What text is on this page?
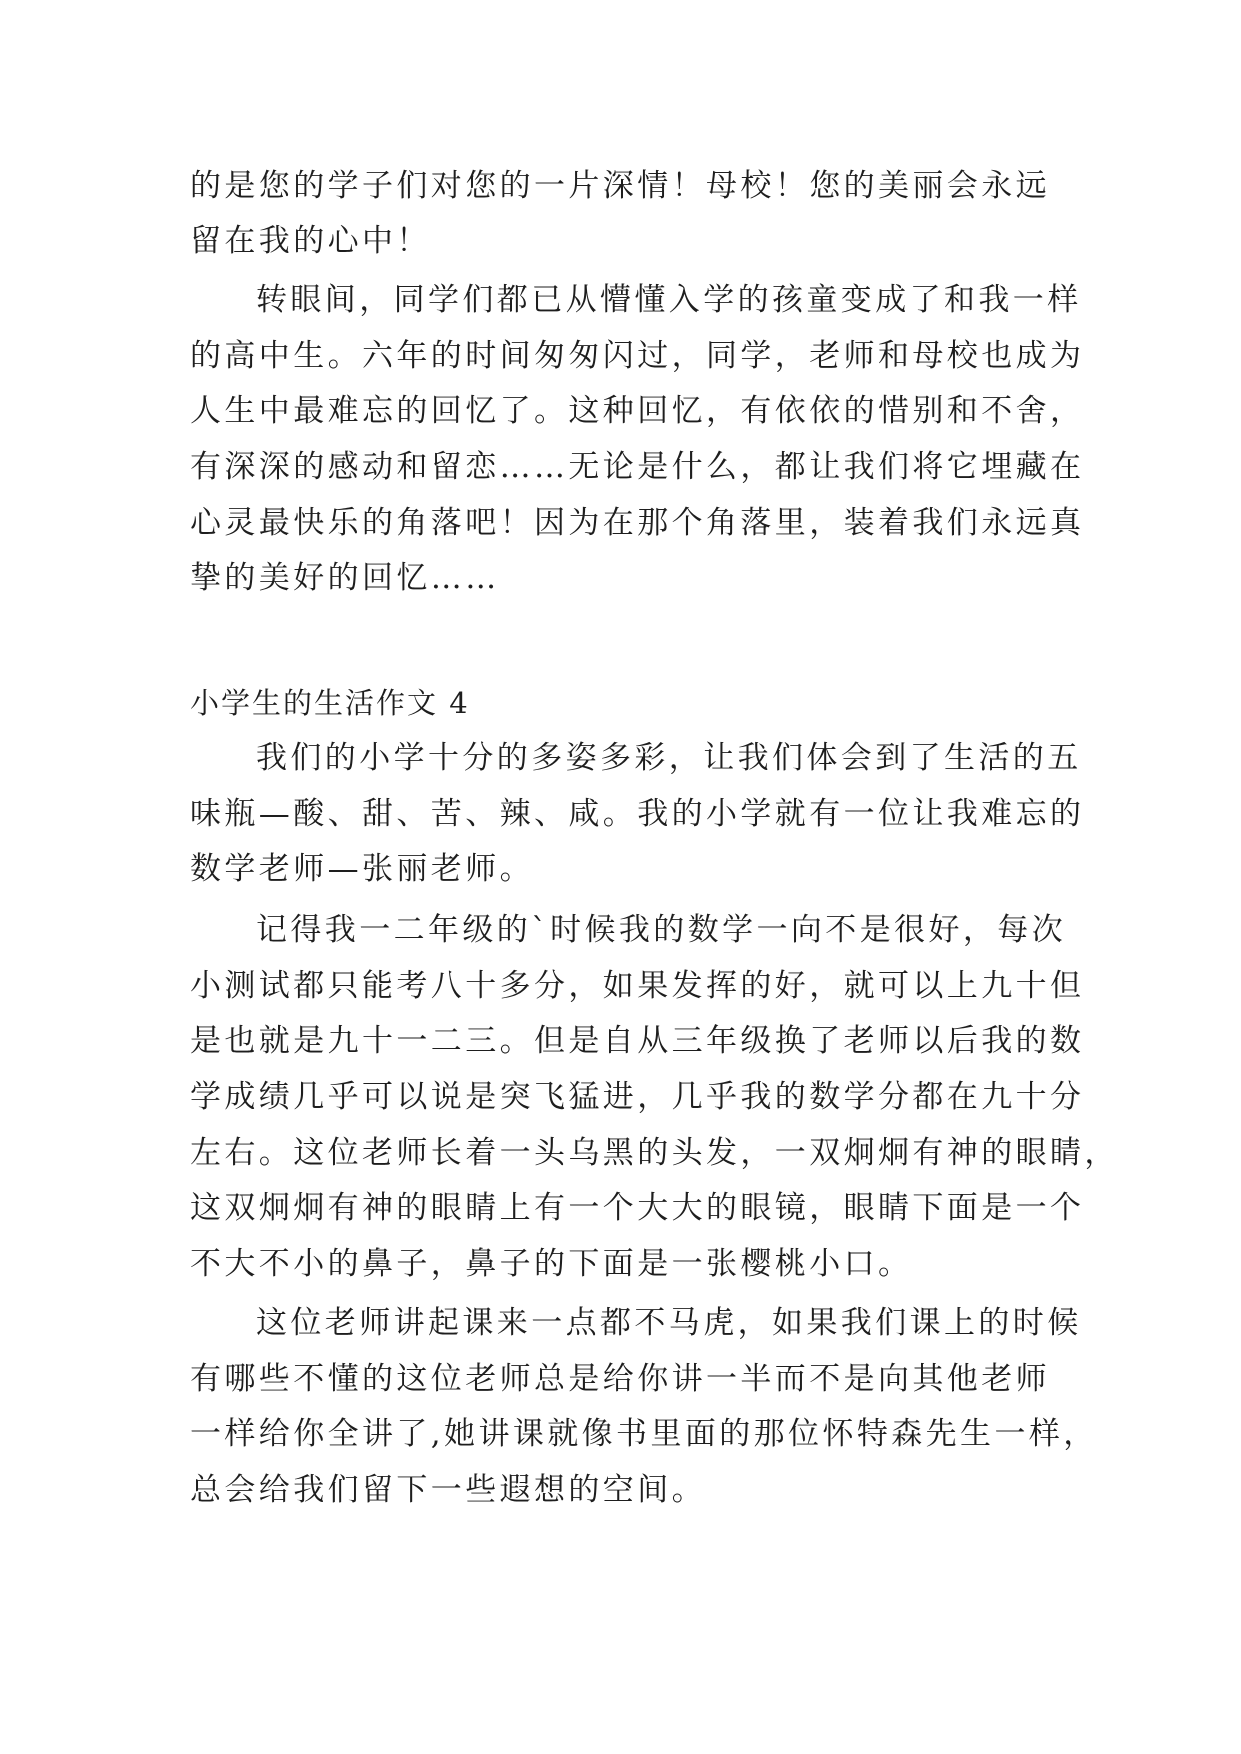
的是您的学子们对您的一片深情！母校！您的美丽会永远
留在我的心中！
转眼间，同学们都已从懵懂入学的孩童变成了和我一样
的高中生。六年的时间匆匆闪过，同学，老师和母校也成为
人生中最难忘的回忆了。这种回忆，有依依的惜别和不舍，
有深深的感动和留恋……无论是什么，都让我们将它埋藏在
心灵最快乐的角落吧！因为在那个角落里，装着我们永远真
挚的美好的回忆……
小学生的生活作文 4
我们的小学十分的多姿多彩，让我们体会到了生活的五
味瓶—酸、甜、苦、辣、咸。我的小学就有一位让我难忘的
数学老师—张丽老师。
记得我一二年级的`时候我的数学一向不是很好，每次
小测试都只能考八十多分，如果发挥的好，就可以上九十但
是也就是九十一二三。但是自从三年级换了老师以后我的数
学成绩几乎可以说是突飞猛进，几乎我的数学分都在九十分
左右。这位老师长着一头乌黑的头发，一双炯炯有神的眼睛，
这双炯炯有神的眼睛上有一个大大的眼镜，眼睛下面是一个
不大不小的鼻子，鼻子的下面是一张樱桃小口。
这位老师讲起课来一点都不马虎，如果我们课上的时候
有哪些不懂的这位老师总是给你讲一半而不是向其他老师
一样给你全讲了,她讲课就像书里面的那位怀特森先生一样，
总会给我们留下一些遐想的空间。
